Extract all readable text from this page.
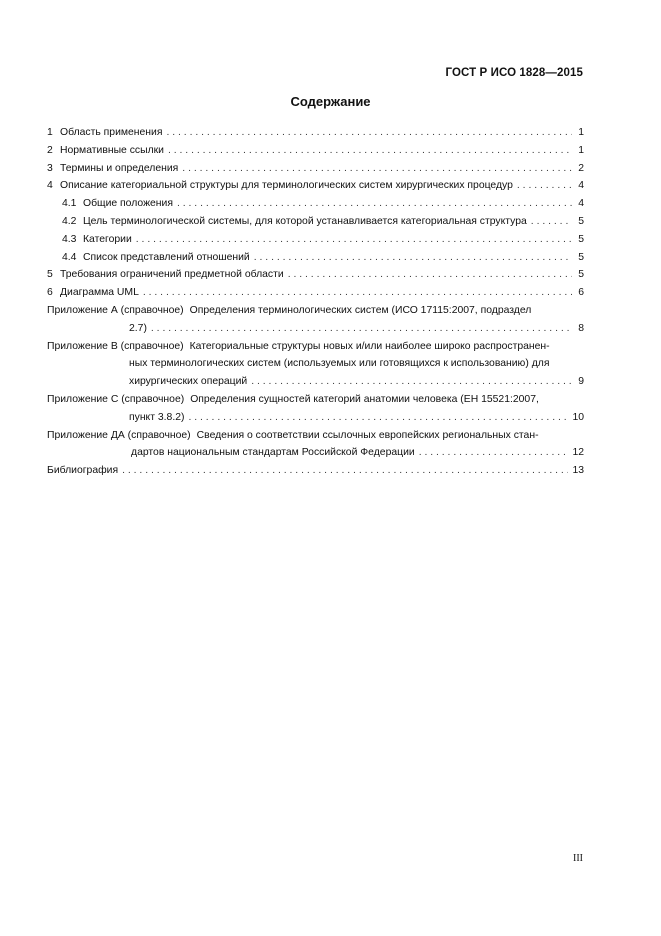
ГОСТ Р ИСО 1828—2015
Содержание
1 Область применения . . .	1
2 Нормативные ссылки . . .	1
3 Термины и определения . . .	2
4 Описание категориальной структуры для терминологических систем хирургических процедур . . .	4
4.1 Общие положения . . .	4
4.2 Цель терминологической системы, для которой устанавливается категориальная структура . . .	5
4.3 Категории . . .	5
4.4 Список представлений отношений . . .	5
5 Требования ограничений предметной области . . .	5
6 Диаграмма UML . . .	6
Приложение А (справочное) Определения терминологических систем (ИСО 17115:2007, подраздел
2.7) . . .	8
Приложение В (справочное) Категориальные структуры новых и/или наиболее широко распространен-
ных терминологических систем (используемых или готовящихся к использованию) для
хирургических операций . . .	9
Приложение С (справочное) Определения сущностей категорий анатомии человека (ЕН 15521:2007,
пункт 3.8.2) . . .	10
Приложение ДА (справочное) Сведения о соответствии ссылочных европейских региональных стан-
дартов национальным стандартам Российской Федерации . . .	12
Библиография . . .	13
III
